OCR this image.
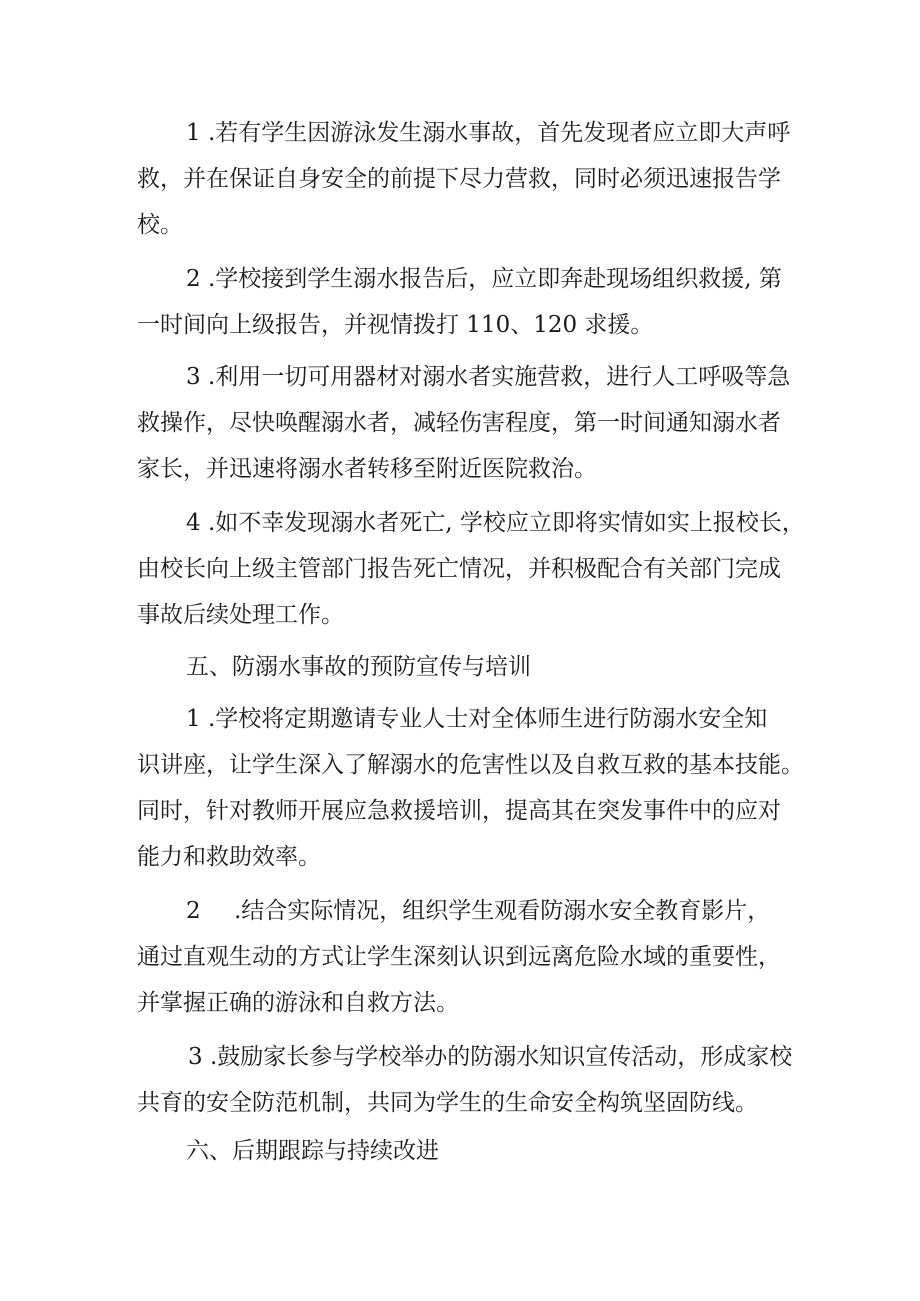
1 .若有学生因游泳发生溺水事故，首先发现者应立即大声呼

救，并在保证自身安全的前提下尽力营救，同时必须迅速报告学

校。

2 .学校接到学生溺水报告后，应立即奔赴现场组织救援, 第

一时间向上级报告，并视情拨打 110、120 求援。

3 .利用一切可用器材对溺水者实施营救，进行人工呼吸等急

救操作，尽快唤醒溺水者，减轻伤害程度，第一时间通知溺水者

家长，并迅速将溺水者转移至附近医院救治。

4 .如不幸发现溺水者死亡, 学校应立即将实情如实上报校长，

由校长向上级主管部门报告死亡情况，并积极配合有关部门完成

事故后续处理工作。

五、防溺水事故的预防宣传与培训

1 .学校将定期邀请专业人士对全体师生进行防溺水安全知

识讲座，让学生深入了解溺水的危害性以及自救互救的基本技能。

同时，针对教师开展应急救援培训，提高其在突发事件中的应对

能力和救助效率。

2 .结合实际情况，组织学生观看防溺水安全教育影片，

通过直观生动的方式让学生深刻认识到远离危险水域的重要性，

并掌握正确的游泳和自救方法。

3 .鼓励家长参与学校举办的防溺水知识宣传活动，形成家校

共育的安全防范机制，共同为学生的生命安全构筑坚固防线。

六、后期跟踪与持续改进
